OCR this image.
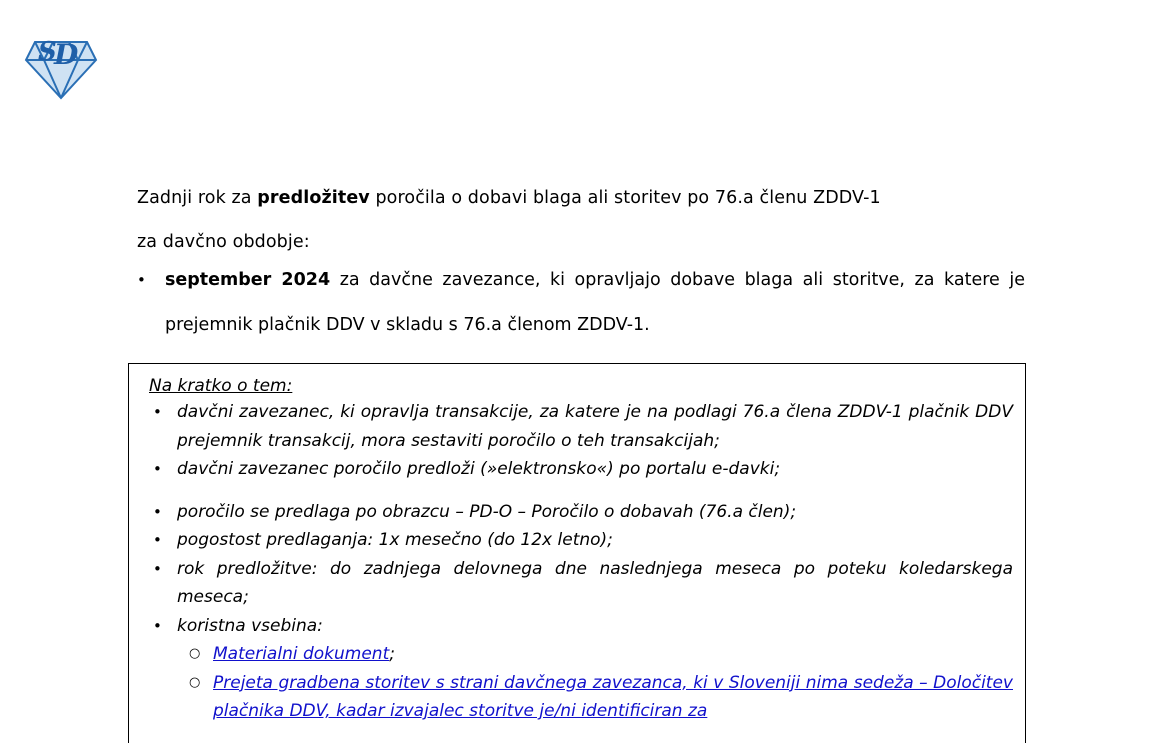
S
D
Zadnji rok za predložitev poročila o dobavi blaga ali storitev po 76.a členu ZDDV-1
za davčno obdobje:
•	september 2024 za davčne zavezance, ki opravljajo dobave blaga ali storitve, za katere je prejemnik plačnik DDV v skladu s 76.a členom ZDDV-1.
Na kratko o tem:
• davčni zavezanec, ki opravlja transakcije, za katere je na podlagi 76.a člena ZDDV-1 plačnik DDV prejemnik transakcij, mora sestaviti poročilo o teh transakcijah;
• davčni zavezanec poročilo predloži (»elektronsko«) po portalu e-davki;
• poročilo se predlaga po obrazcu – PD-O – Poročilo o dobavah (76.a člen);
• pogostost predlaganja: 1x mesečno (do 12x letno);
• rok predložitve: do zadnjega delovnega dne naslednjega meseca po poteku koledarskega meseca;
• koristna vsebina:
○ Materialni dokument;
○ Prejeta gradbena storitev s strani davčnega zavezanca, ki v Sloveniji nima sedeža – Določitev plačnika DDV, kadar izvajalec storitve je/ni identificiran za
